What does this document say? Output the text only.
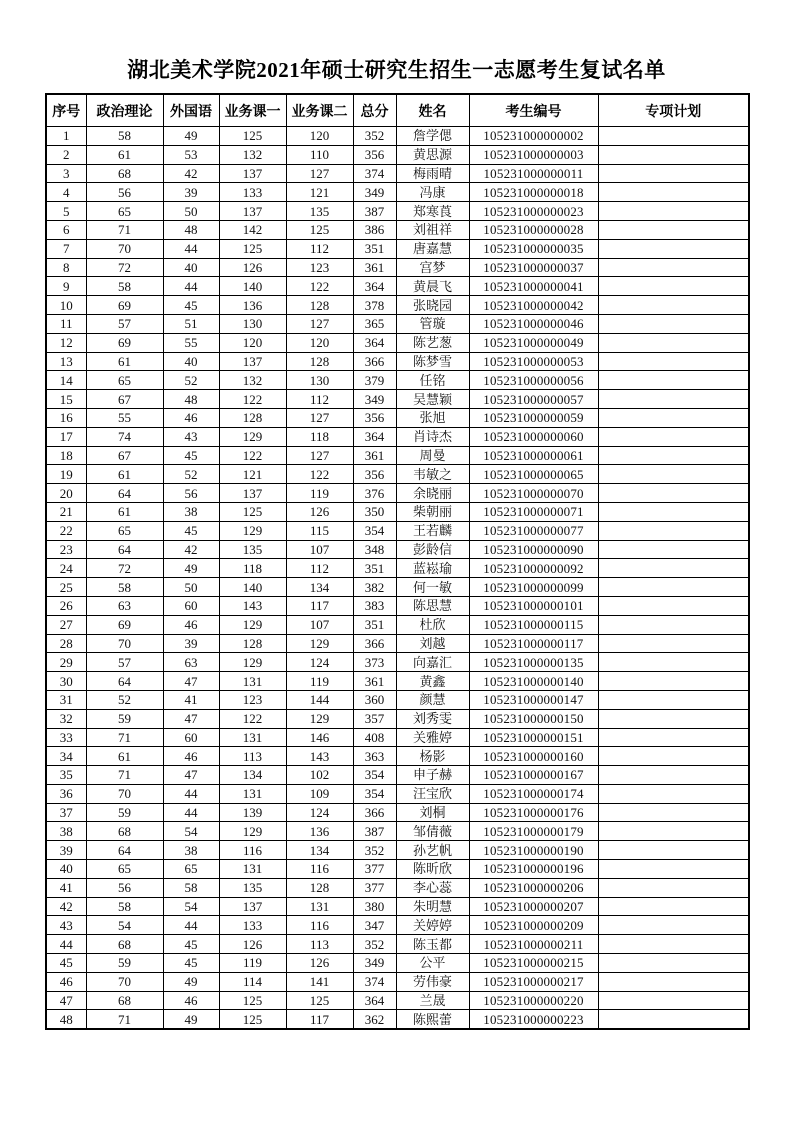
湖北美术学院2021年硕士研究生招生一志愿考生复试名单
序号	政治理论	外国语	业务课一	业务课二	总分	姓名	考生编号	专项计划
1	58	49	125	120	352	詹学偲	105231000000002	
2	61	53	132	110	356	黄思源	105231000000003	
3	68	42	137	127	374	梅雨晴	105231000000011	
4	56	39	133	121	349	冯康	105231000000018	
5	65	50	137	135	387	郑寒莨	105231000000023	
6	71	48	142	125	386	刘祖祥	105231000000028	
7	70	44	125	112	351	唐嘉慧	105231000000035	
8	72	40	126	123	361	宫梦	105231000000037	
9	58	44	140	122	364	黄晨飞	105231000000041	
10	69	45	136	128	378	张晓园	105231000000042	
11	57	51	130	127	365	管璇	105231000000046	
12	69	55	120	120	364	陈艺葱	105231000000049	
13	61	40	137	128	366	陈梦雪	105231000000053	
14	65	52	132	130	379	任铭	105231000000056	
15	67	48	122	112	349	吴慧颖	105231000000057	
16	55	46	128	127	356	张旭	105231000000059	
17	74	43	129	118	364	肖诗杰	105231000000060	
18	67	45	122	127	361	周曼	105231000000061	
19	61	52	121	122	356	韦敏之	105231000000065	
20	64	56	137	119	376	余晓丽	105231000000070	
21	61	38	125	126	350	柴朝丽	105231000000071	
22	65	45	129	115	354	王若麟	105231000000077	
23	64	42	135	107	348	彭龄信	105231000000090	
24	72	49	118	112	351	蓝崧瑜	105231000000092	
25	58	50	140	134	382	何一敏	105231000000099	
26	63	60	143	117	383	陈思慧	105231000000101	
27	69	46	129	107	351	杜欣	105231000000115	
28	70	39	128	129	366	刘越	105231000000117	
29	57	63	129	124	373	向嘉汇	105231000000135	
30	64	47	131	119	361	黄鑫	105231000000140	
31	52	41	123	144	360	颜慧	105231000000147	
32	59	47	122	129	357	刘秀雯	105231000000150	
33	71	60	131	146	408	关雅婷	105231000000151	
34	61	46	113	143	363	杨影	105231000000160	
35	71	47	134	102	354	申子赫	105231000000167	
36	70	44	131	109	354	汪宝欣	105231000000174	
37	59	44	139	124	366	刘桐	105231000000176	
38	68	54	129	136	387	邹倩薇	105231000000179	
39	64	38	116	134	352	孙艺帆	105231000000190	
40	65	65	131	116	377	陈昕欣	105231000000196	
41	56	58	135	128	377	李心蕊	105231000000206	
42	58	54	137	131	380	朱明慧	105231000000207	
43	54	44	133	116	347	关婷婷	105231000000209	
44	68	45	126	113	352	陈玉都	105231000000211	
45	59	45	119	126	349	公平	105231000000215	
46	70	49	114	141	374	劳伟豪	105231000000217	
47	68	46	125	125	364	兰晟	105231000000220	
48	71	49	125	117	362	陈熙蕾	105231000000223	
